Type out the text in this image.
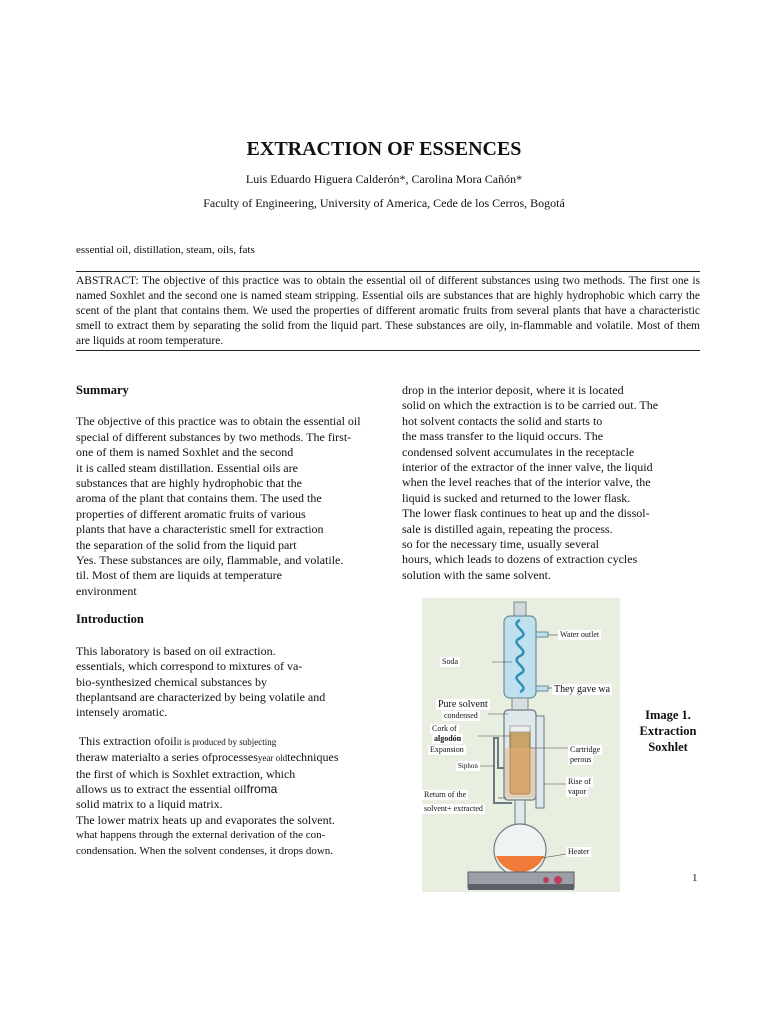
EXTRACTION OF ESSENCES
Luis Eduardo Higuera Calderón*, Carolina Mora Cañón*
Faculty of Engineering, University of America, Cede de los Cerros, Bogotá
essential oil, distillation, steam, oils, fats
ABSTRACT: The objective of this practice was to obtain the essential oil of different substances using two methods. The first one is named Soxhlet and the second one is named steam stripping. Essential oils are substances that are highly hydrophobic which carry the scent of the plant that contains them. We used the properties of different aromatic fruits from several plants that have a characteristic smell to extract them by separating the solid from the liquid part. These substances are oily, in-flammable and volatile. Most of them are liquids at room temperature.
Summary
The objective of this practice was to obtain the essential oil
special of different substances by two methods. The first-
one of them is named Soxhlet and the second
it is called steam distillation. Essential oils are
substances that are highly hydrophobic that the
aroma of the plant that contains them. The used the
properties of different aromatic fruits of various
plants that have a characteristic smell for extraction
the separation of the solid from the liquid part
Yes. These substances are oily, flammable, and volatile.
til. Most of them are liquids at temperature
environment
Introduction
This laboratory is based on oil extraction.
essentials, which correspond to mixtures of va-
bio-synthesized chemical substances by
theplantsand are characterized by being volatile and
intensely aromatic.
This extraction ofoilit is produced by subjecting
theraw materialto a series ofprocessesyear oldtechniques
the first of which is Soxhlet extraction, which
allows us to extract the essential oilfroma
solid matrix to a liquid matrix.
The lower matrix heats up and evaporates the solvent.
what happens through the external derivation of the con-
condensation. When the solvent condenses, it drops down.
drop in the interior deposit, where it is located
solid on which the extraction is to be carried out. The
hot solvent contacts the solid and starts to
the mass transfer to the liquid occurs. The
condensed solvent accumulates in the receptacle
interior of the extractor of the inner valve, the liquid
when the level reaches that of the interior valve, the
liquid is sucked and returned to the lower flask.
The lower flask continues to heat up and the dissol-
sale is distilled again, repeating the process.
so for the necessary time, usually several
hours, which leads to dozens of extraction cycles
solution with the same solvent.
Water outlet
Soda
They gave wa
Pure solvent
condensed
Cork of
algodón
Expansion
Siphon
Cartridge
perous
Rise of
vapor
Return of the
solvent+ extracted
Heater
Image 1.
Extraction
Soxhlet
1
